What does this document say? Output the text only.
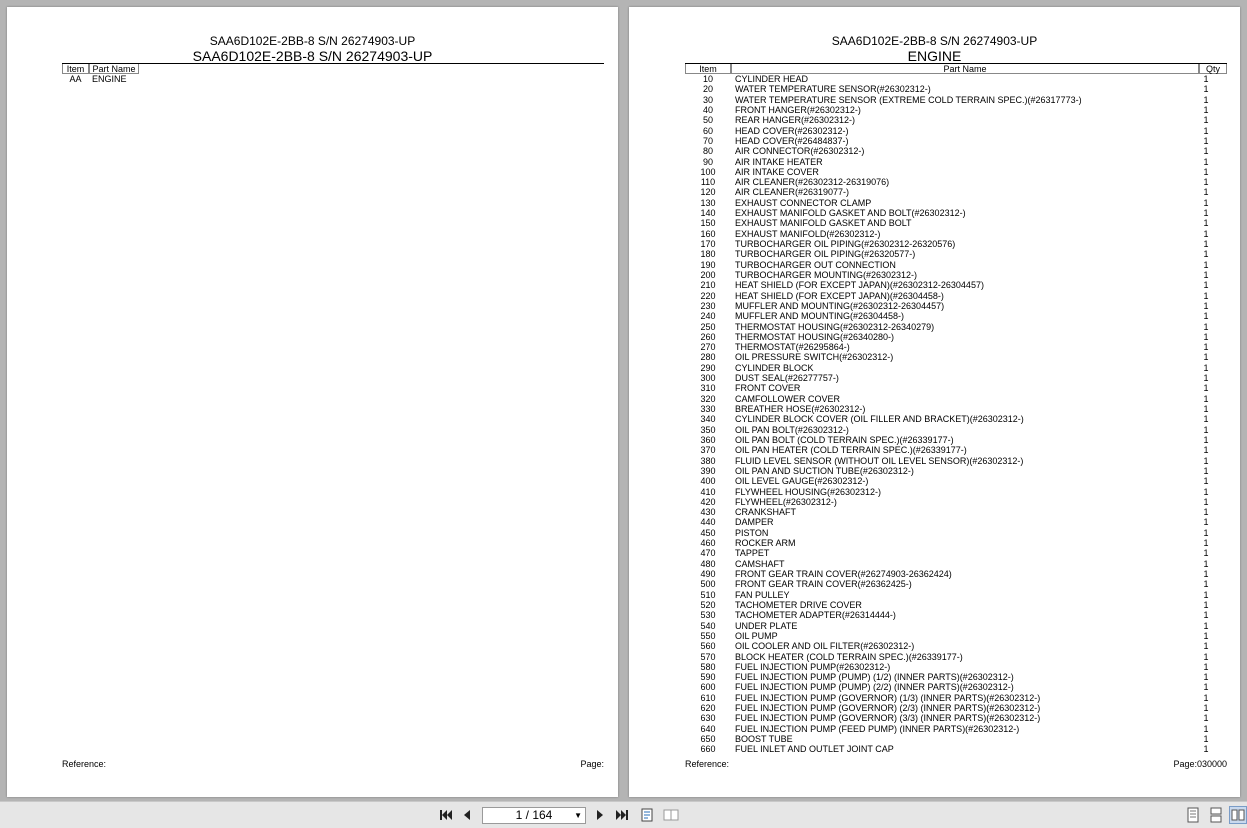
SAA6D102E-2BB-8 S/N 26274903-UP
SAA6D102E-2BB-8 S/N 26274903-UP
Item Part Name
AA	ENGINE
Reference:	Page:
SAA6D102E-2BB-8 S/N 26274903-UP
ENGINE
Item	Part Name	Qty
10	CYLINDER HEAD	1
20	WATER TEMPERATURE SENSOR(#26302312-)	1
30	WATER TEMPERATURE SENSOR (EXTREME COLD TERRAIN SPEC.)(#26317773-)	1
40	FRONT HANGER(#26302312-)	1
50	REAR HANGER(#26302312-)	1
60	HEAD COVER(#26302312-)	1
70	HEAD COVER(#26484837-)	1
80	AIR CONNECTOR(#26302312-)	1
90	AIR INTAKE HEATER	1
100	AIR INTAKE COVER	1
110	AIR CLEANER(#26302312-26319076)	1
120	AIR CLEANER(#26319077-)	1
130	EXHAUST CONNECTOR CLAMP	1
140	EXHAUST MANIFOLD GASKET AND BOLT(#26302312-)	1
150	EXHAUST MANIFOLD GASKET AND BOLT	1
160	EXHAUST MANIFOLD(#26302312-)	1
170	TURBOCHARGER OIL PIPING(#26302312-26320576)	1
180	TURBOCHARGER OIL PIPING(#26320577-)	1
190	TURBOCHARGER OUT CONNECTION	1
200	TURBOCHARGER MOUNTING(#26302312-)	1
210	HEAT SHIELD (FOR EXCEPT JAPAN)(#26302312-26304457)	1
220	HEAT SHIELD (FOR EXCEPT JAPAN)(#26304458-)	1
230	MUFFLER AND MOUNTING(#26302312-26304457)	1
240	MUFFLER AND MOUNTING(#26304458-)	1
250	THERMOSTAT HOUSING(#26302312-26340279)	1
260	THERMOSTAT HOUSING(#26340280-)	1
270	THERMOSTAT(#26295864-)	1
280	OIL PRESSURE SWITCH(#26302312-)	1
290	CYLINDER BLOCK	1
300	DUST SEAL(#26277757-)	1
310	FRONT COVER	1
320	CAMFOLLOWER COVER	1
330	BREATHER HOSE(#26302312-)	1
340	CYLINDER BLOCK COVER (OIL FILLER AND BRACKET)(#26302312-)	1
350	OIL PAN BOLT(#26302312-)	1
360	OIL PAN BOLT (COLD TERRAIN SPEC.)(#26339177-)	1
370	OIL PAN HEATER (COLD TERRAIN SPEC.)(#26339177-)	1
380	FLUID LEVEL SENSOR (WITHOUT OIL LEVEL SENSOR)(#26302312-)	1
390	OIL PAN AND SUCTION TUBE(#26302312-)	1
400	OIL LEVEL GAUGE(#26302312-)	1
410	FLYWHEEL HOUSING(#26302312-)	1
420	FLYWHEEL(#26302312-)	1
430	CRANKSHAFT	1
440	DAMPER	1
450	PISTON	1
460	ROCKER ARM	1
470	TAPPET	1
480	CAMSHAFT	1
490	FRONT GEAR TRAIN COVER(#26274903-26362424)	1
500	FRONT GEAR TRAIN COVER(#26362425-)	1
510	FAN PULLEY	1
520	TACHOMETER DRIVE COVER	1
530	TACHOMETER ADAPTER(#26314444-)	1
540	UNDER PLATE	1
550	OIL PUMP	1
560	OIL COOLER AND OIL FILTER(#26302312-)	1
570	BLOCK HEATER (COLD TERRAIN SPEC.)(#26339177-)	1
580	FUEL INJECTION PUMP(#26302312-)	1
590	FUEL INJECTION PUMP (PUMP) (1/2) (INNER PARTS)(#26302312-)	1
600	FUEL INJECTION PUMP (PUMP) (2/2) (INNER PARTS)(#26302312-)	1
610	FUEL INJECTION PUMP (GOVERNOR) (1/3) (INNER PARTS)(#26302312-)	1
620	FUEL INJECTION PUMP (GOVERNOR) (2/3) (INNER PARTS)(#26302312-)	1
630	FUEL INJECTION PUMP (GOVERNOR) (3/3) (INNER PARTS)(#26302312-)	1
640	FUEL INJECTION PUMP (FEED PUMP) (INNER PARTS)(#26302312-)	1
650	BOOST TUBE	1
660	FUEL INLET AND OUTLET JOINT CAP	1
Reference:	Page:030000
1 / 164	▼
